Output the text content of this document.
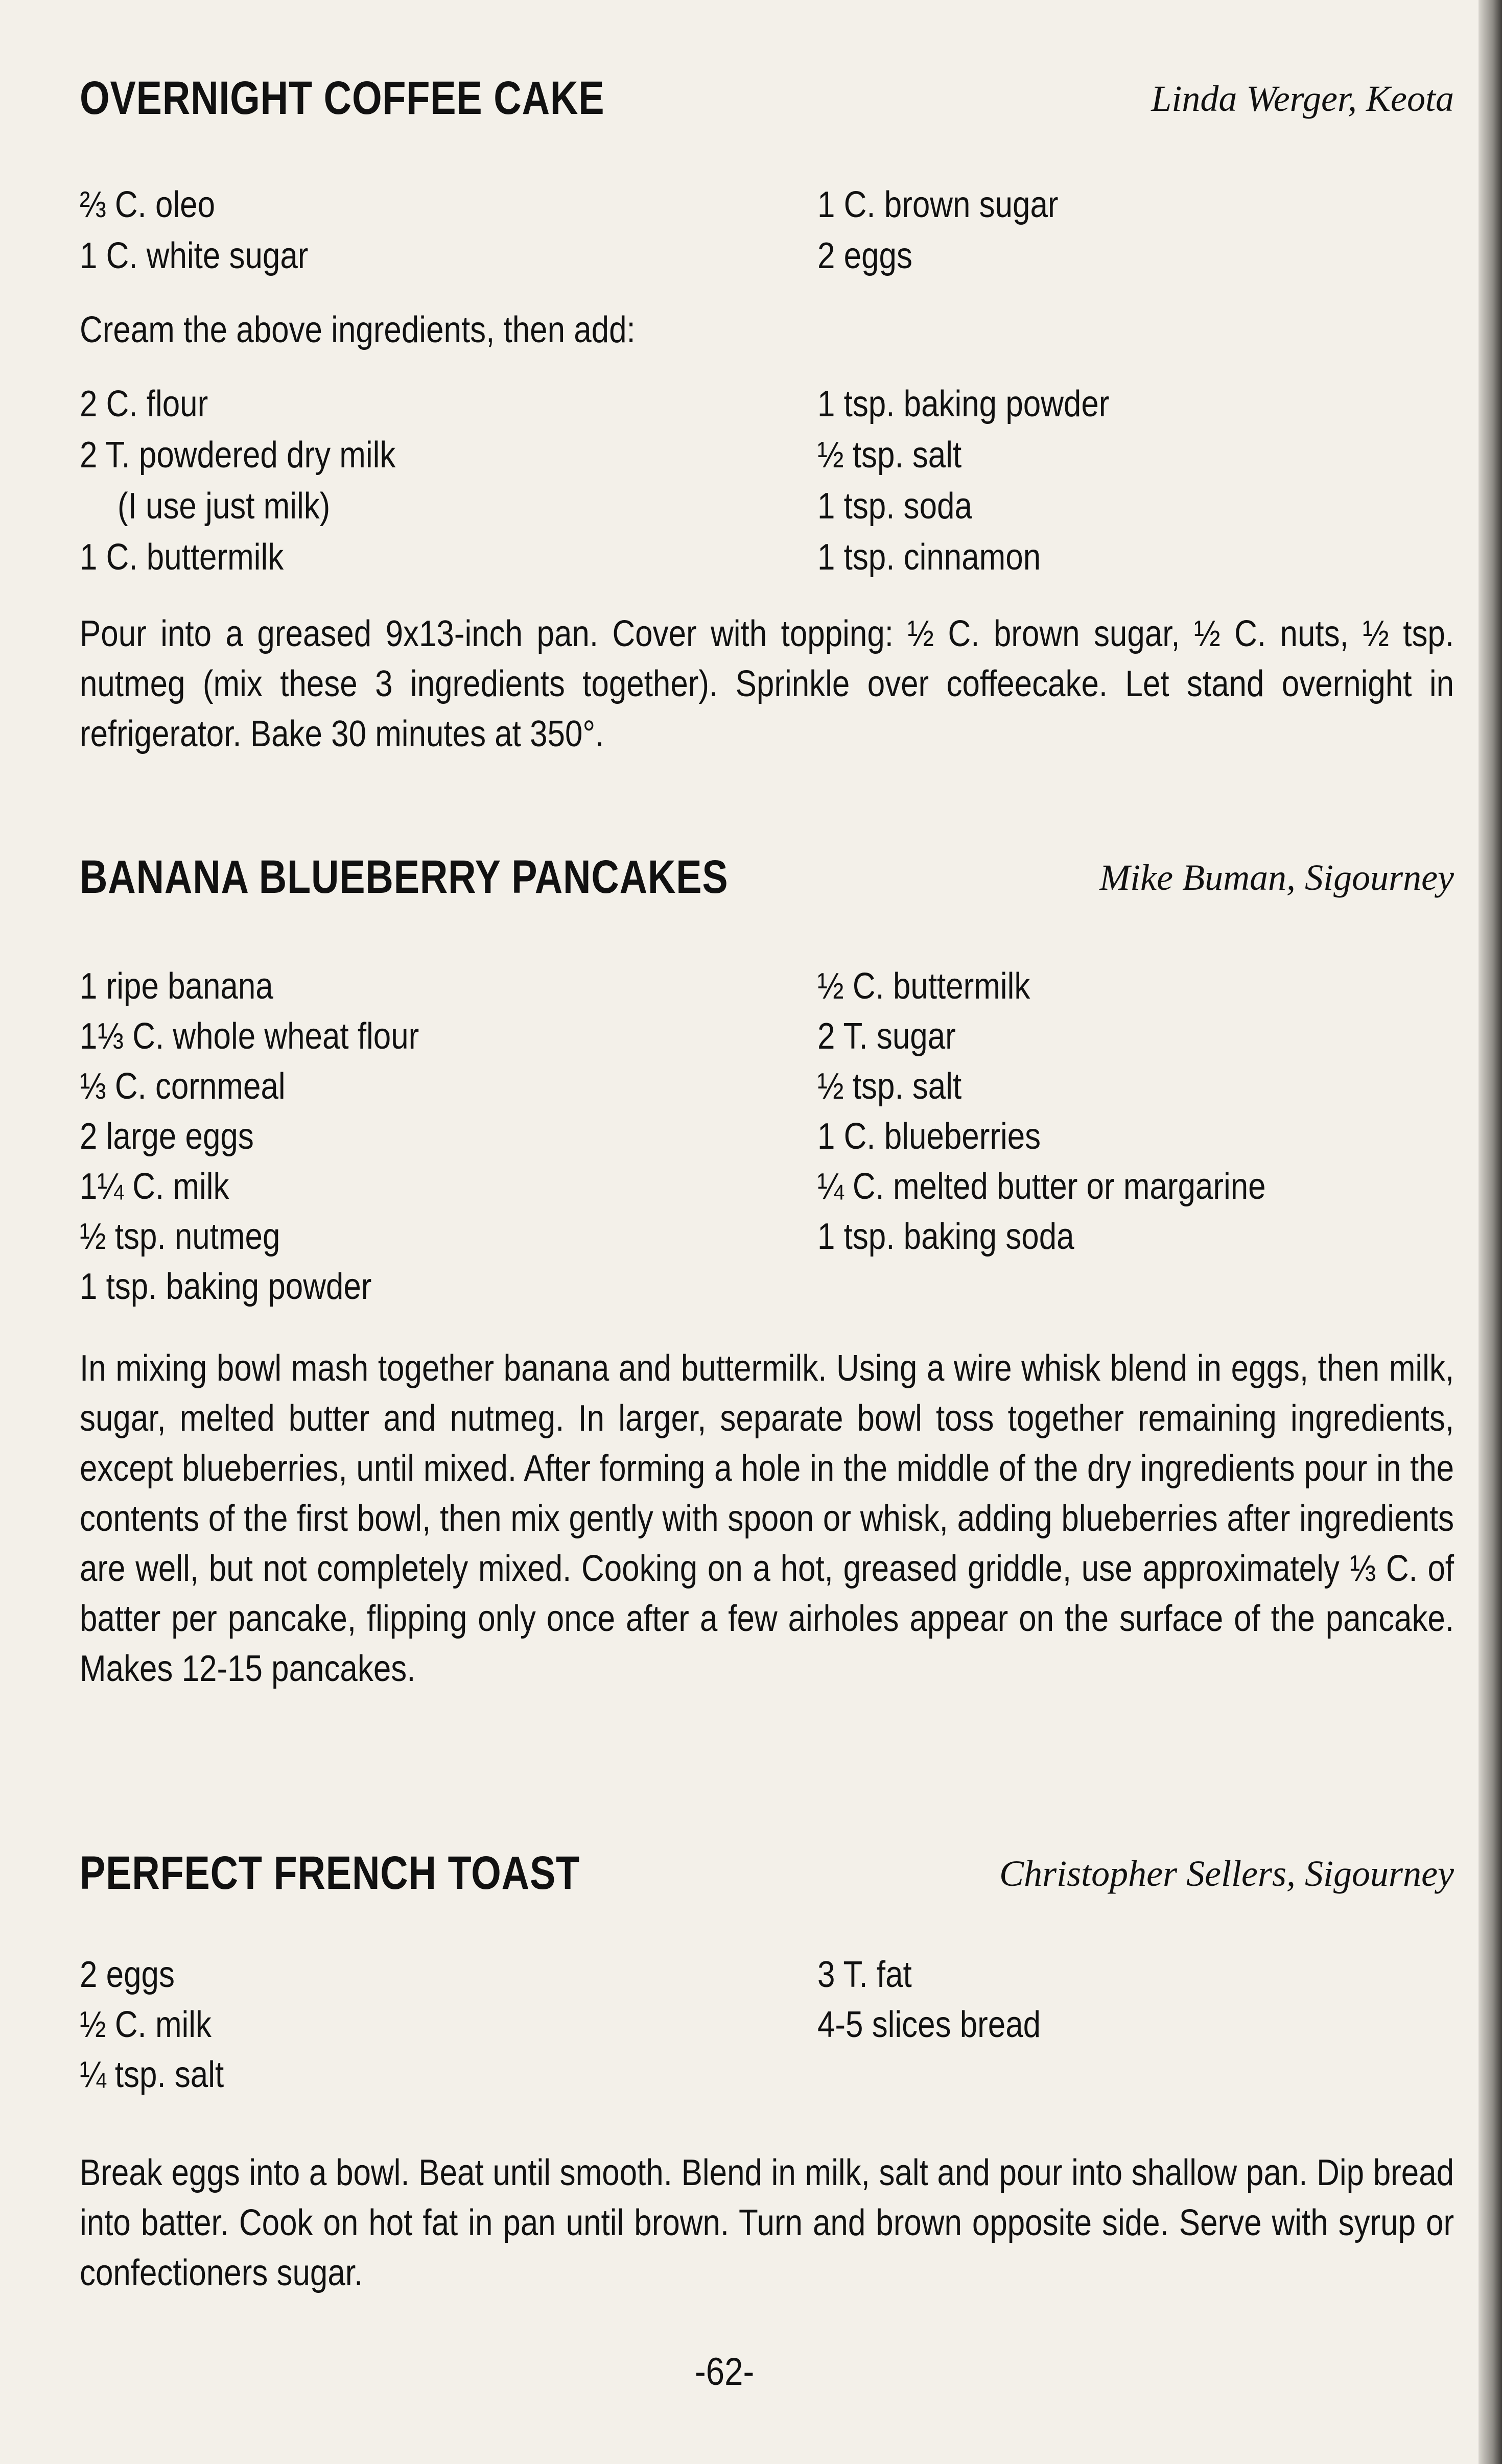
OVERNIGHT COFFEE CAKE	Linda Werger, Keota
⅔ C. oleo
1 C. white sugar
1 C. brown sugar
2 eggs
Cream the above ingredients, then add:
2 C. flour
2 T. powdered dry milk
(I use just milk)
1 C. buttermilk
1 tsp. baking powder
½ tsp. salt
1 tsp. soda
1 tsp. cinnamon

Pour into a greased 9x13-inch pan. Cover with topping: ½ C. brown sugar, ½ C. nuts, ½ tsp. nutmeg (mix these 3 ingredients together). Sprinkle over coffeecake. Let stand overnight in refrigerator. Bake 30 minutes at 350°.

BANANA BLUEBERRY PANCAKES	Mike Buman, Sigourney
1 ripe banana
1⅓ C. whole wheat flour
⅓ C. cornmeal
2 large eggs
1¼ C. milk
½ tsp. nutmeg
1 tsp. baking powder
½ C. buttermilk
2 T. sugar
½ tsp. salt
1 C. blueberries
¼ C. melted butter or margarine
1 tsp. baking soda

In mixing bowl mash together banana and buttermilk. Using a wire whisk blend in eggs, then milk, sugar, melted butter and nutmeg. In larger, separate bowl toss together remaining ingredients, except blueberries, until mixed. After forming a hole in the middle of the dry ingredients pour in the contents of the first bowl, then mix gently with spoon or whisk, adding blueberries after ingredients are well, but not completely mixed. Cooking on a hot, greased griddle, use approximately ⅓ C. of batter per pancake, flipping only once after a few airholes appear on the surface of the pancake. Makes 12-15 pancakes.

PERFECT FRENCH TOAST	Christopher Sellers, Sigourney
2 eggs
½ C. milk
¼ tsp. salt
3 T. fat
4-5 slices bread

Break eggs into a bowl. Beat until smooth. Blend in milk, salt and pour into shallow pan. Dip bread into batter. Cook on hot fat in pan until brown. Turn and brown opposite side. Serve with syrup or confectioners sugar.

-62-
